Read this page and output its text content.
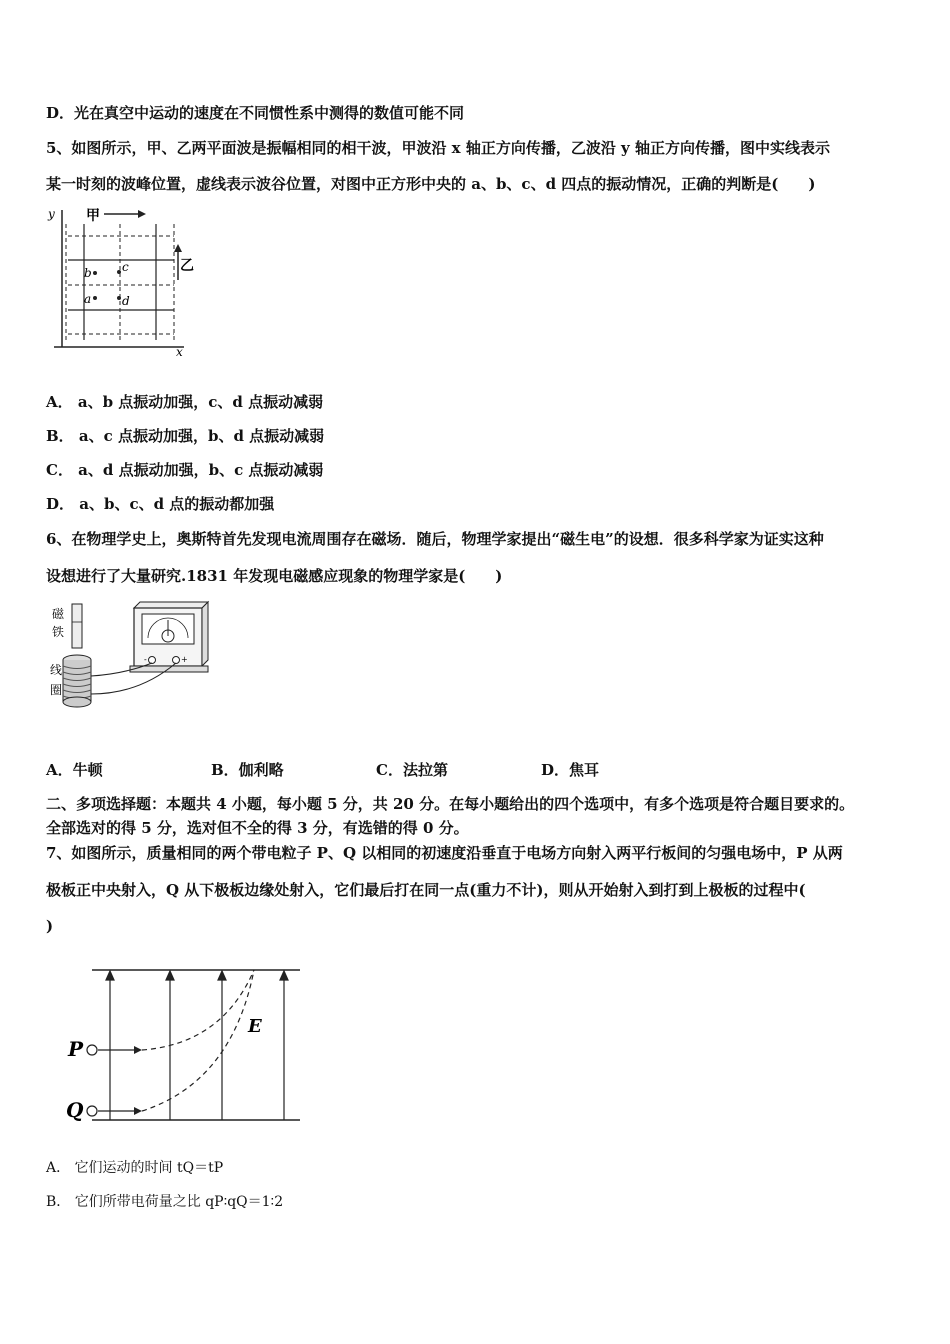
D．光在真空中运动的速度在不同惯性系中测得的数值可能不同
5、如图所示，甲、乙两平面波是振幅相同的相干波，甲波沿 x 轴正方向传播，乙波沿 y 轴正方向传播，图中实线表示
某一时刻的波峰位置，虚线表示波谷位置，对图中正方形中央的 a、b、c、d 四点的振动情况，正确的判断是(　　)
y
x
甲
乙
b	c
a	d
A． a、b 点振动加强，c、d 点振动减弱
B． a、c 点振动加强，b、d 点振动减弱
C． a、d 点振动加强，b、c 点振动减弱
D． a、b、c、d 点的振动都加强
6、在物理学史上，奥斯特首先发现电流周围存在磁场．随后，物理学家提出“磁生电”的设想．很多科学家为证实这种
设想进行了大量研究.1831 年发现电磁感应现象的物理学家是(　　)
磁
铁
线
圈
-	+
A．牛顿	B．伽利略	C．法拉第	D．焦耳
二、多项选择题：本题共 4 小题，每小题 5 分，共 20 分。在每小题给出的四个选项中，有多个选项是符合题目要求的。
全部选对的得 5 分，选对但不全的得 3 分，有选错的得 0 分。
7、如图所示，质量相同的两个带电粒子 P、Q 以相同的初速度沿垂直于电场方向射入两平行板间的匀强电场中，P 从两
极板正中央射入，Q 从下极板边缘处射入，它们最后打在同一点(重力不计)，则从开始射入到打到上极板的过程中(
)
E
P
Q
A． 它们运动的时间 tQ＝tP
B． 它们所带电荷量之比 qP∶qQ＝1∶2
